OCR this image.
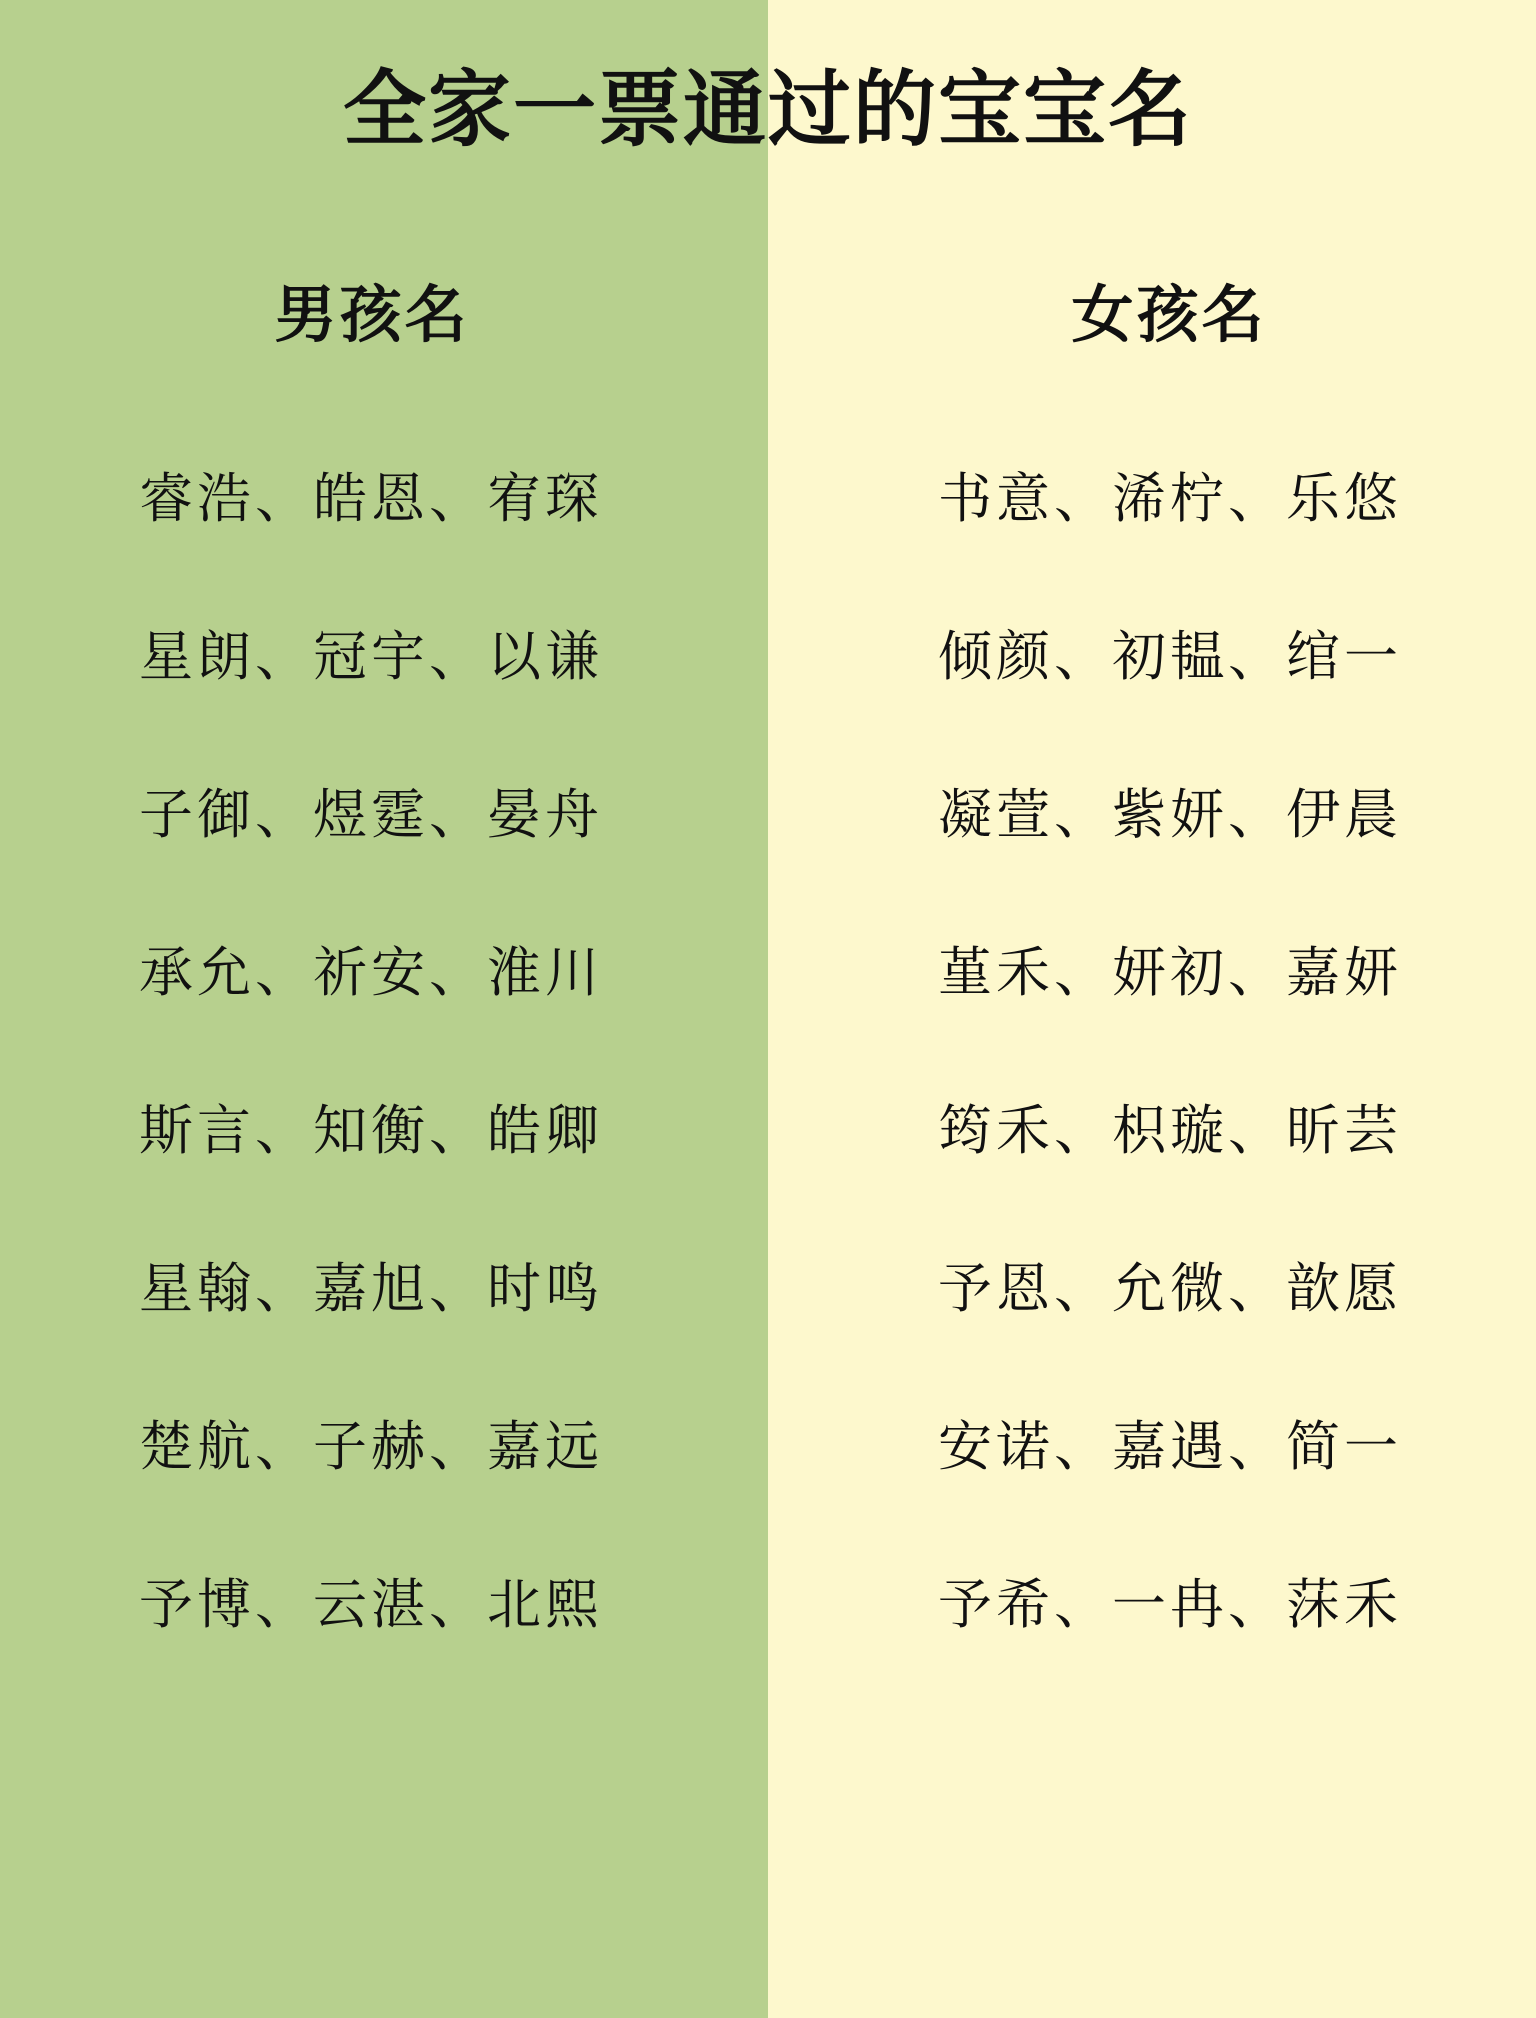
全家一票通过的宝宝名
男孩名
睿浩、皓恩、宥琛
星朗、冠宇、以谦
子御、煜霆、晏舟
承允、祈安、淮川
斯言、知衡、皓卿
星翰、嘉旭、时鸣
楚航、子赫、嘉远
予博、云湛、北熙
女孩名
书意、浠柠、乐悠
倾颜、初韫、绾一
凝萱、紫妍、伊晨
堇禾、妍初、嘉妍
筠禾、枳璇、昕芸
予恩、允微、歆愿
安诺、嘉遇、简一
予希、一冉、莯禾
